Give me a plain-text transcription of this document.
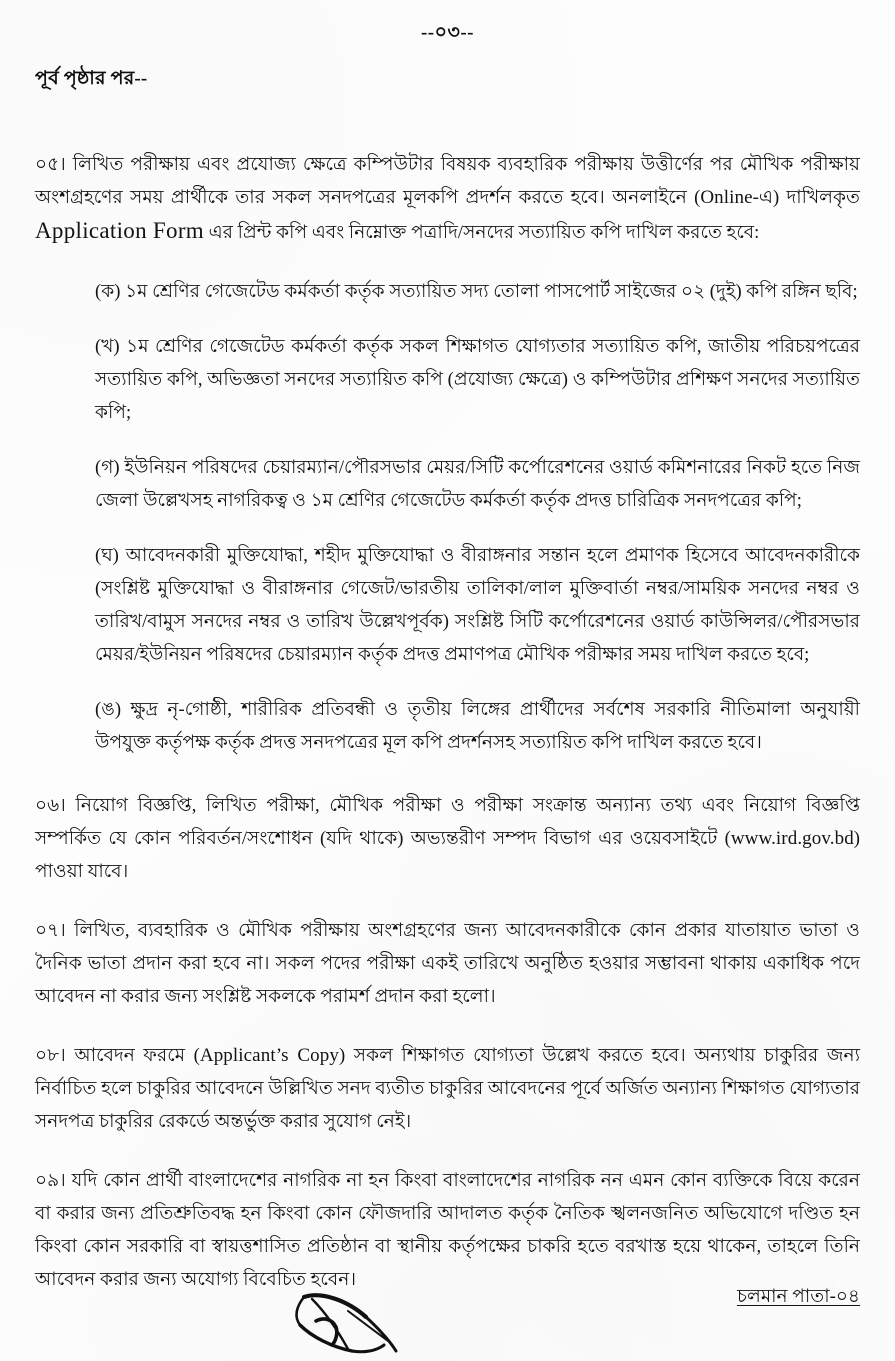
--০৩--
পূর্ব পৃষ্ঠার পর--

০৫। লিখিত পরীক্ষায় এবং প্রযোজ্য ক্ষেত্রে কম্পিউটার বিষয়ক ব্যবহারিক পরীক্ষায় উত্তীর্ণের পর মৌখিক পরীক্ষায় অংশগ্রহণের সময় প্রার্থীকে তার সকল সনদপত্রের মূলকপি প্রদর্শন করতে হবে। অনলাইনে (Online-এ) দাখিলকৃত Application Form এর প্রিন্ট কপি এবং নিম্নোক্ত পত্রাদি/সনদের সত্যায়িত কপি দাখিল করতে হবে:

(ক) ১ম শ্রেণির গেজেটেড কর্মকর্তা কর্তৃক সত্যায়িত সদ্য তোলা পাসপোর্ট সাইজের ০২ (দুই) কপি রঙ্গিন ছবি;

(খ) ১ম শ্রেণির গেজেটেড কর্মকর্তা কর্তৃক সকল শিক্ষাগত যোগ্যতার সত্যায়িত কপি, জাতীয় পরিচয়পত্রের সত্যায়িত কপি, অভিজ্ঞতা সনদের সত্যায়িত কপি (প্রযোজ্য ক্ষেত্রে) ও কম্পিউটার প্রশিক্ষণ সনদের সত্যায়িত কপি;

(গ) ইউনিয়ন পরিষদের চেয়ারম্যান/পৌরসভার মেয়র/সিটি কর্পোরেশনের ওয়ার্ড কমিশনারের নিকট হতে নিজ জেলা উল্লেখসহ নাগরিকত্ব ও ১ম শ্রেণির গেজেটেড কর্মকর্তা কর্তৃক প্রদত্ত চারিত্রিক সনদপত্রের কপি;

(ঘ) আবেদনকারী মুক্তিযোদ্ধা, শহীদ মুক্তিযোদ্ধা ও বীরাঙ্গনার সন্তান হলে প্রমাণক হিসেবে আবেদনকারীকে (সংশ্লিষ্ট মুক্তিযোদ্ধা ও বীরাঙ্গনার গেজেট/ভারতীয় তালিকা/লাল মুক্তিবার্তা নম্বর/সাময়িক সনদের নম্বর ও তারিখ/বামুস সনদের নম্বর ও তারিখ উল্লেখপূর্বক) সংশ্লিষ্ট সিটি কর্পোরেশনের ওয়ার্ড কাউন্সিলর/পৌরসভার মেয়র/ইউনিয়ন পরিষদের চেয়ারম্যান কর্তৃক প্রদত্ত প্রমাণপত্র মৌখিক পরীক্ষার সময় দাখিল করতে হবে;

(ঙ) ক্ষুদ্র নৃ-গোষ্ঠী, শারীরিক প্রতিবন্ধী ও তৃতীয় লিঙ্গের প্রার্থীদের সর্বশেষ সরকারি নীতিমালা অনুযায়ী উপযুক্ত কর্তৃপক্ষ কর্তৃক প্রদত্ত সনদপত্রের মূল কপি প্রদর্শনসহ সত্যায়িত কপি দাখিল করতে হবে।

০৬। নিয়োগ বিজ্ঞপ্তি, লিখিত পরীক্ষা, মৌখিক পরীক্ষা ও পরীক্ষা সংক্রান্ত অন্যান্য তথ্য এবং নিয়োগ বিজ্ঞপ্তি সম্পর্কিত যে কোন পরিবর্তন/সংশোধন (যদি থাকে) অভ্যন্তরীণ সম্পদ বিভাগ এর ওয়েবসাইটে (www.ird.gov.bd) পাওয়া যাবে।

০৭। লিখিত, ব্যবহারিক ও মৌখিক পরীক্ষায় অংশগ্রহণের জন্য আবেদনকারীকে কোন প্রকার যাতায়াত ভাতা ও দৈনিক ভাতা প্রদান করা হবে না। সকল পদের পরীক্ষা একই তারিখে অনুষ্ঠিত হওয়ার সম্ভাবনা থাকায় একাধিক পদে আবেদন না করার জন্য সংশ্লিষ্ট সকলকে পরামর্শ প্রদান করা হলো।

০৮। আবেদন ফরমে (Applicant’s Copy) সকল শিক্ষাগত যোগ্যতা উল্লেখ করতে হবে। অন্যথায় চাকুরির জন্য নির্বাচিত হলে চাকুরির আবেদনে উল্লিখিত সনদ ব্যতীত চাকুরির আবেদনের পূর্বে অর্জিত অন্যান্য শিক্ষাগত যোগ্যতার সনদপত্র চাকুরির রেকর্ডে অন্তর্ভুক্ত করার সুযোগ নেই।

০৯। যদি কোন প্রার্থী বাংলাদেশের নাগরিক না হন কিংবা বাংলাদেশের নাগরিক নন এমন কোন ব্যক্তিকে বিয়ে করেন বা করার জন্য প্রতিশ্রুতিবদ্ধ হন কিংবা কোন ফৌজদারি আদালত কর্তৃক নৈতিক স্খলনজনিত অভিযোগে দণ্ডিত হন কিংবা কোন সরকারি বা স্বায়ত্তশাসিত প্রতিষ্ঠান বা স্থানীয় কর্তৃপক্ষের চাকরি হতে বরখাস্ত হয়ে থাকেন, তাহলে তিনি আবেদন করার জন্য অযোগ্য বিবেচিত হবেন।

চলমান পাতা-০৪
